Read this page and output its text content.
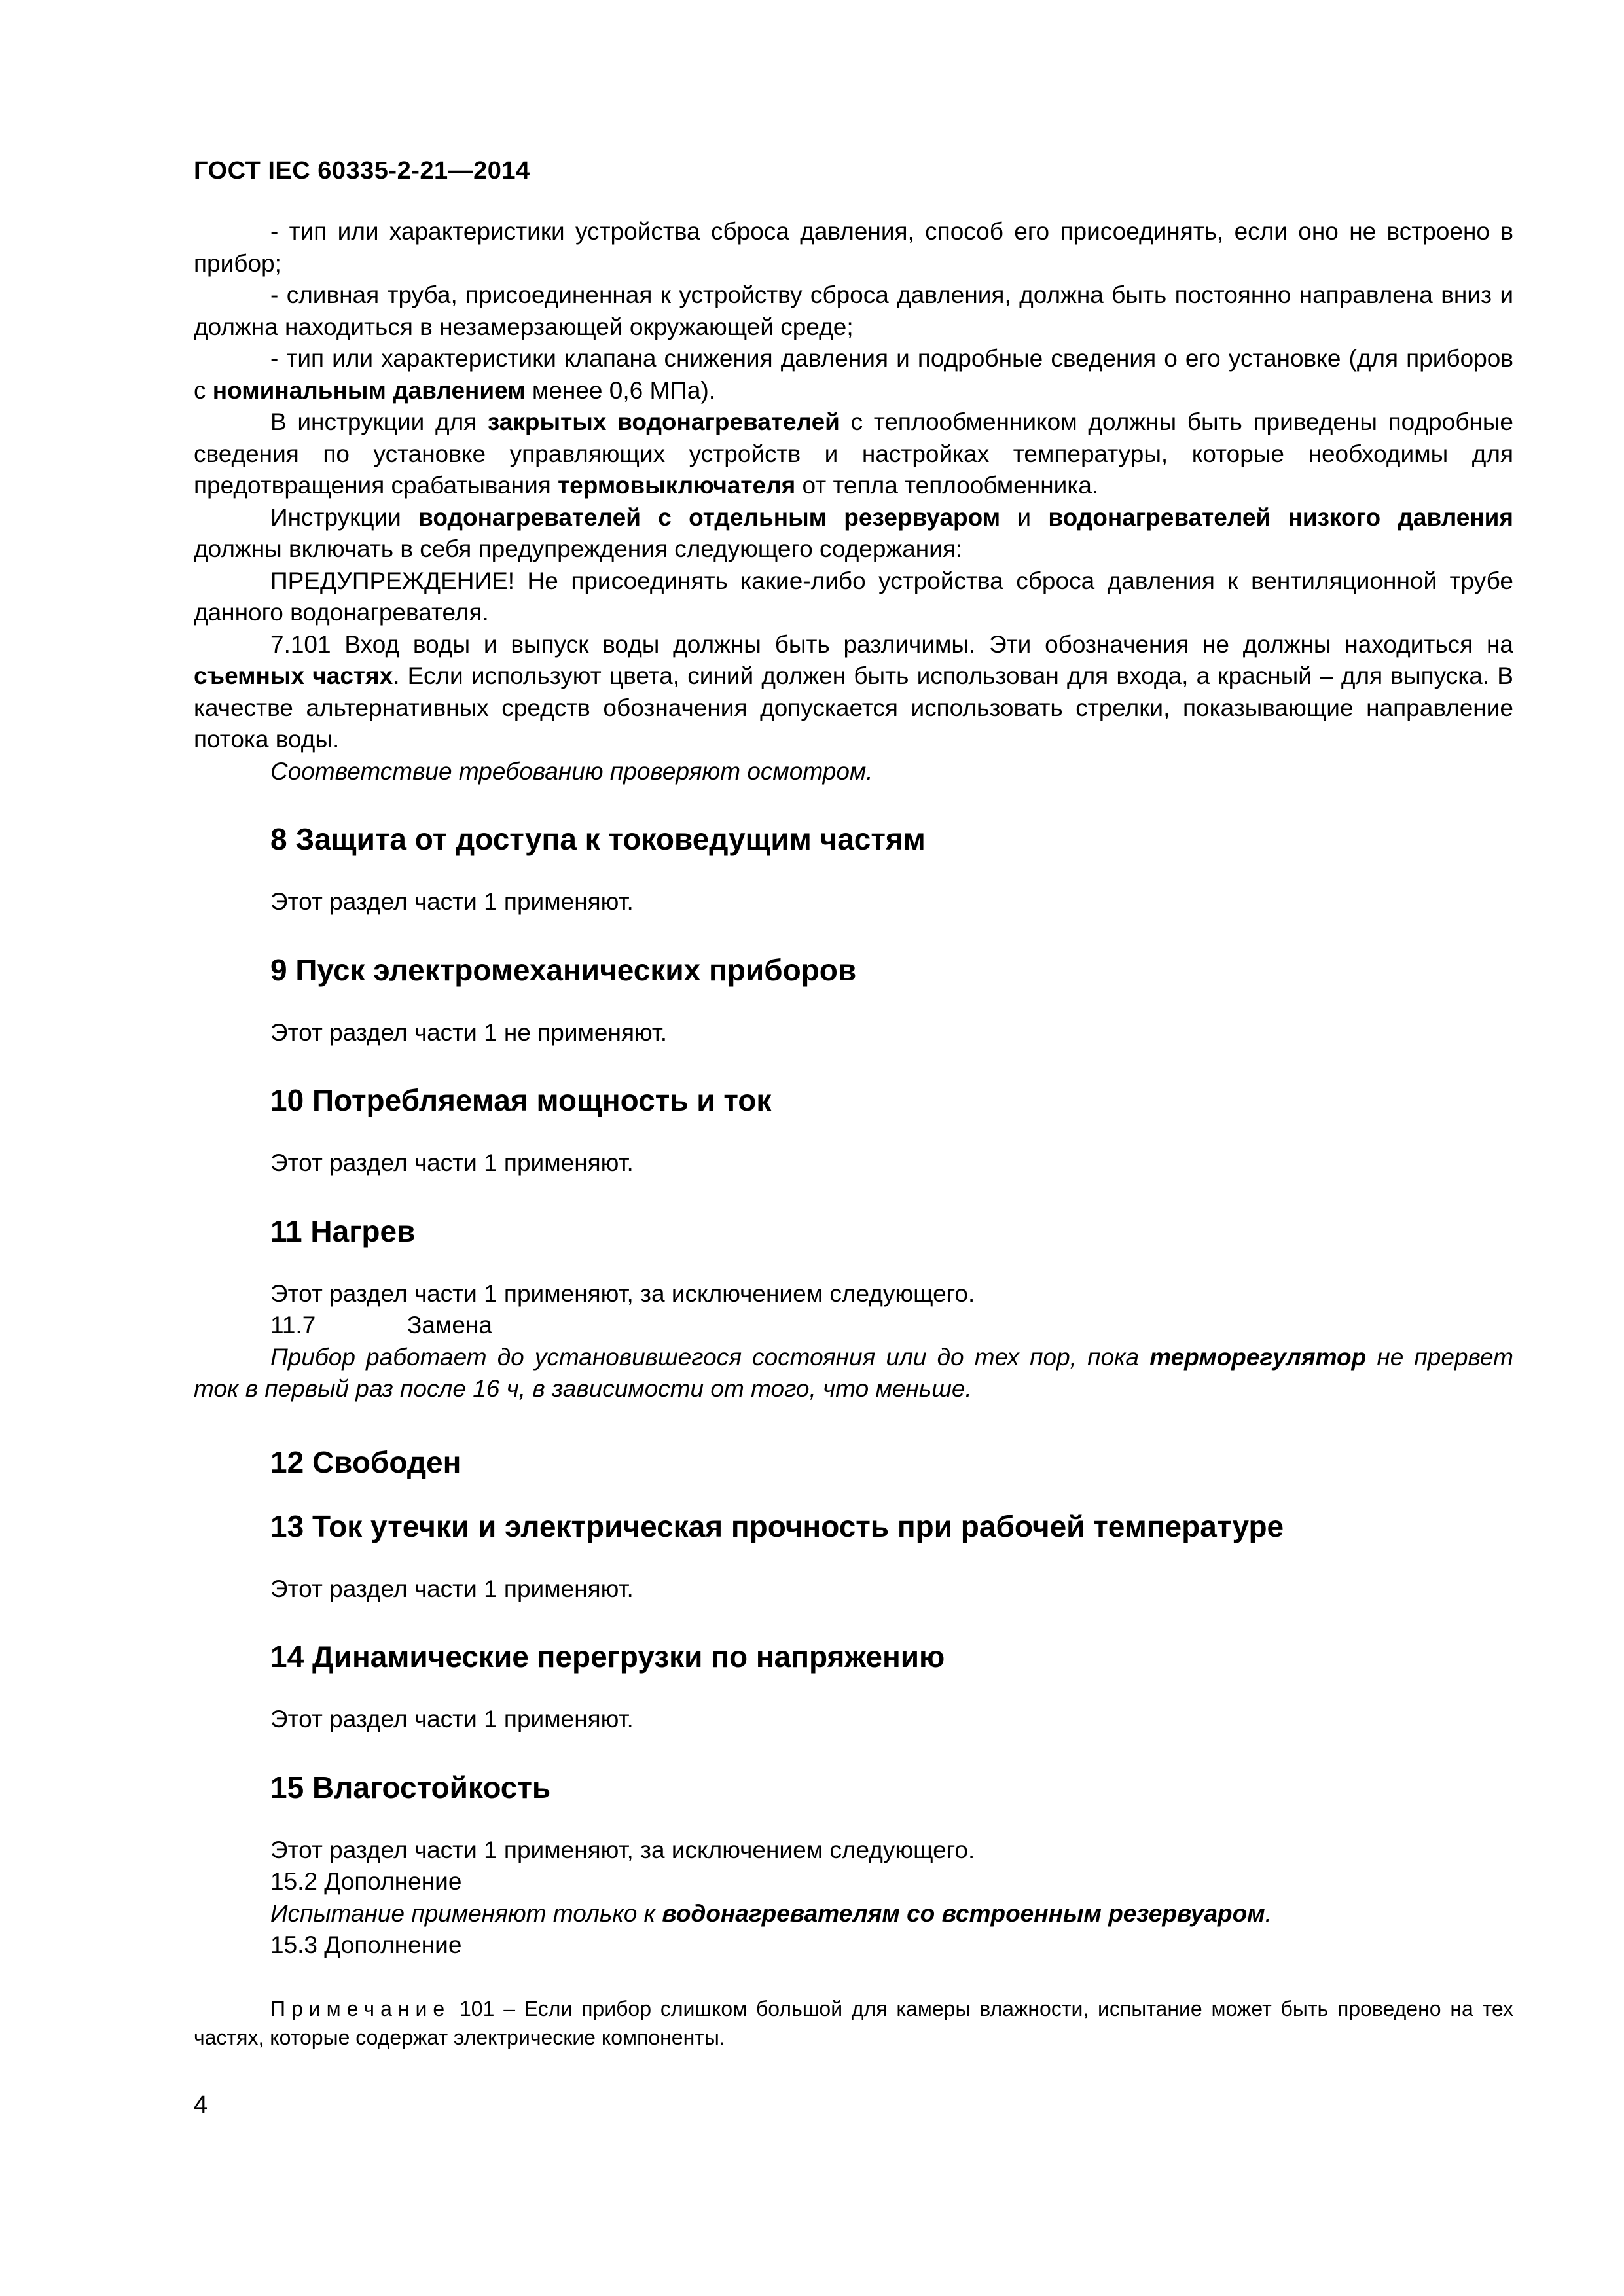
ГОСТ IEC 60335-2-21—2014

- тип или характеристики устройства сброса давления, способ его присоединять, если оно не встроено в прибор;

- сливная труба, присоединенная к устройству сброса давления, должна быть постоянно направлена вниз и должна находиться в незамерзающей окружающей среде;

- тип или характеристики клапана снижения давления и подробные сведения о его установке (для приборов с номинальным давлением менее 0,6 МПа).

В инструкции для закрытых водонагревателей с теплообменником должны быть приведены подробные сведения по установке управляющих устройств и настройках температуры, которые необходимы для предотвращения срабатывания термовыключателя от тепла теплообменника.

Инструкции водонагревателей с отдельным резервуаром и водонагревателей низкого давления должны включать в себя предупреждения следующего содержания:

ПРЕДУПРЕЖДЕНИЕ! Не присоединять какие-либо устройства сброса давления к вентиляционной трубе данного водонагревателя.

7.101 Вход воды и выпуск воды должны быть различимы. Эти обозначения не должны находиться на съемных частях. Если используют цвета, синий должен быть использован для входа, а красный – для выпуска. В качестве альтернативных средств обозначения допускается использовать стрелки, показывающие направление потока воды.

Соответствие требованию проверяют осмотром.

8 Защита от доступа к токоведущим частям

Этот раздел части 1 применяют.

9 Пуск электромеханических приборов

Этот раздел части 1 не применяют.

10 Потребляемая мощность и ток

Этот раздел части 1 применяют.

11 Нагрев

Этот раздел части 1 применяют, за исключением следующего.

11.7	Замена

Прибор работает до установившегося состояния или до тех пор, пока терморегулятор не прервет ток в первый раз после 16 ч, в зависимости от того, что меньше.

12 Свободен
13 Ток утечки и электрическая прочность при рабочей температуре

Этот раздел части 1 применяют.

14 Динамические перегрузки по напряжению

Этот раздел части 1 применяют.

15 Влагостойкость

Этот раздел части 1 применяют, за исключением следующего.

15.2 Дополнение

Испытание применяют только к водонагревателям со встроенным резервуаром.

15.3 Дополнение

Примечание 101 – Если прибор слишком большой для камеры влажности, испытание может быть проведено на тех частях, которые содержат электрические компоненты.

4
